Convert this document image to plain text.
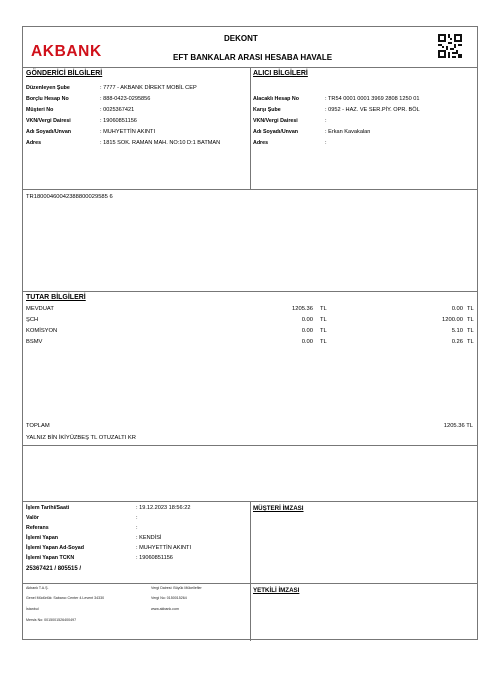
AKBANK
DEKONT
EFT BANKALAR ARASI HESABA HAVALE
GÖNDERİCİ BİLGİLERİ
Düzenleyen Şube	: 7777 - AKBANK DİREKT MOBİL CEP
Borçlu Hesap No	: 888-0423-0295856
Müşteri No	: 0025367421
VKN/Vergi Dairesi	: 19060851156
Adı Soyadı/Unvan	: MUHYETTİN AKINTI
Adres	: 1815 SOK. RAMAN MAH. NO:10 D:1 BATMAN
ALICI BİLGİLERİ
Alacaklı Hesap No	: TR54 0001 0001 3969 2808 1250 01
Karşı Şube	: 0952 - HAZ. VE SER.PİY. OPR. BÖL
VKN/Vergi Dairesi	:
Adı Soyadı/Unvan	: Erkan Kavakalan
Adres	:
TR18000460042388800029585 6
TUTAR BİLGİLERİ
MEVDUAT	1205.36 TL	0.00 TL
ŞCH	0.00 TL	1200.00 TL
KOMİSYON	0.00 TL	5.10 TL
BSMV	0.00 TL	0.26 TL
TOPLAM	1205.36 TL
YALNIZ BİN İKİYÜZBEŞ TL OTUZALTI KR
İşlem Tarihi/Saati	: 19.12.2023 18:56:22
Valör	:
Referans	:
İşlemi Yapan	: KENDİSİ
İşlemi Yapan Ad-Soyad	: MUHYETTİN AKINTI
İşlemi Yapan TCKN	: 19060851156
25367421 / 805515 /
Akbank T.A.Ş.
Genel Müdürlük: Sabancı Center 4.Levent 34330
İstanbul
Mersis No: 0015001526400497
Vergi Dairesi: Büyük Mükellefler
Vergi No: 0150015264
www.akbank.com
MÜŞTERİ İMZASI
YETKİLİ İMZASI
